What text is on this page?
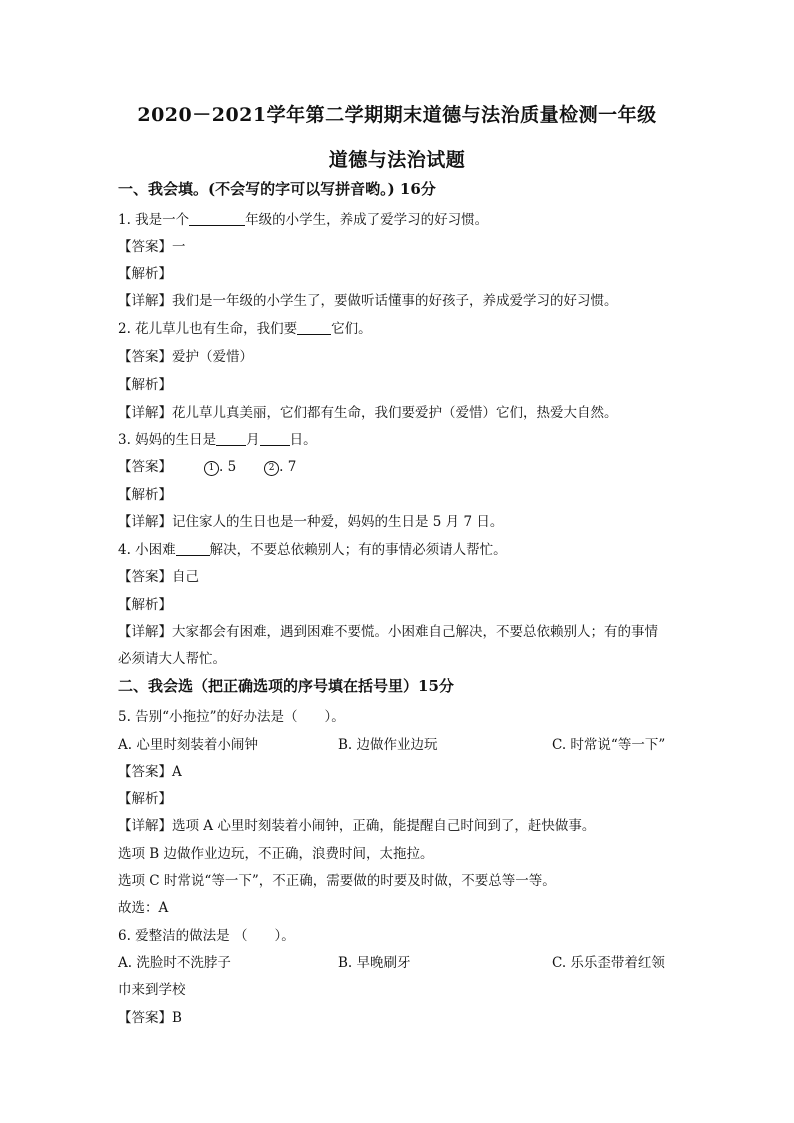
2020－2021学年第二学期期末道德与法治质量检测一年级
道德与法治试题
一、我会填。(不会写的字可以写拼音哟。) 16分
1. 我是一个	年级的小学生，养成了爱学习的好习惯。
【答案】一
【解析】
【详解】我们是一年级的小学生了，要做听话懂事的好孩子，养成爱学习的好习惯。
2. 花儿草儿也有生命，我们要	它们。
【答案】爱护（爱惜）
【解析】
【详解】花儿草儿真美丽，它们都有生命，我们要爱护（爱惜）它们，热爱大自然。
3. 妈妈的生日是 月 日。
【答案】	1 . 5	2 . 7
【解析】
【详解】记住家人的生日也是一种爱，妈妈的生日是 5 月 7 日。
4. 小困难	解决，不要总依赖别人；有的事情必须请人帮忙。
【答案】自己
【解析】
【详解】大家都会有困难，遇到困难不要慌。小困难自己解决，不要总依赖别人；有的事情
必须请大人帮忙。
二、我会选（把正确选项的序号填在括号里）15分
5. 告别“小拖拉”的好办法是（　　）。
A. 心里时刻装着小闹钟	B. 边做作业边玩	C. 时常说“等一下”
【答案】A
【解析】
【详解】选项 A 心里时刻装着小闹钟，正确，能提醒自己时间到了，赶快做事。
选项 B 边做作业边玩，不正确，浪费时间，太拖拉。
选项 C 时常说“等一下”，不正确，需要做的时要及时做，不要总等一等。
故选：A
6. 爱整洁的做法是 （　　）。
A. 洗脸时不洗脖子	B. 早晚刷牙	C. 乐乐歪带着红领
巾来到学校
【答案】B
